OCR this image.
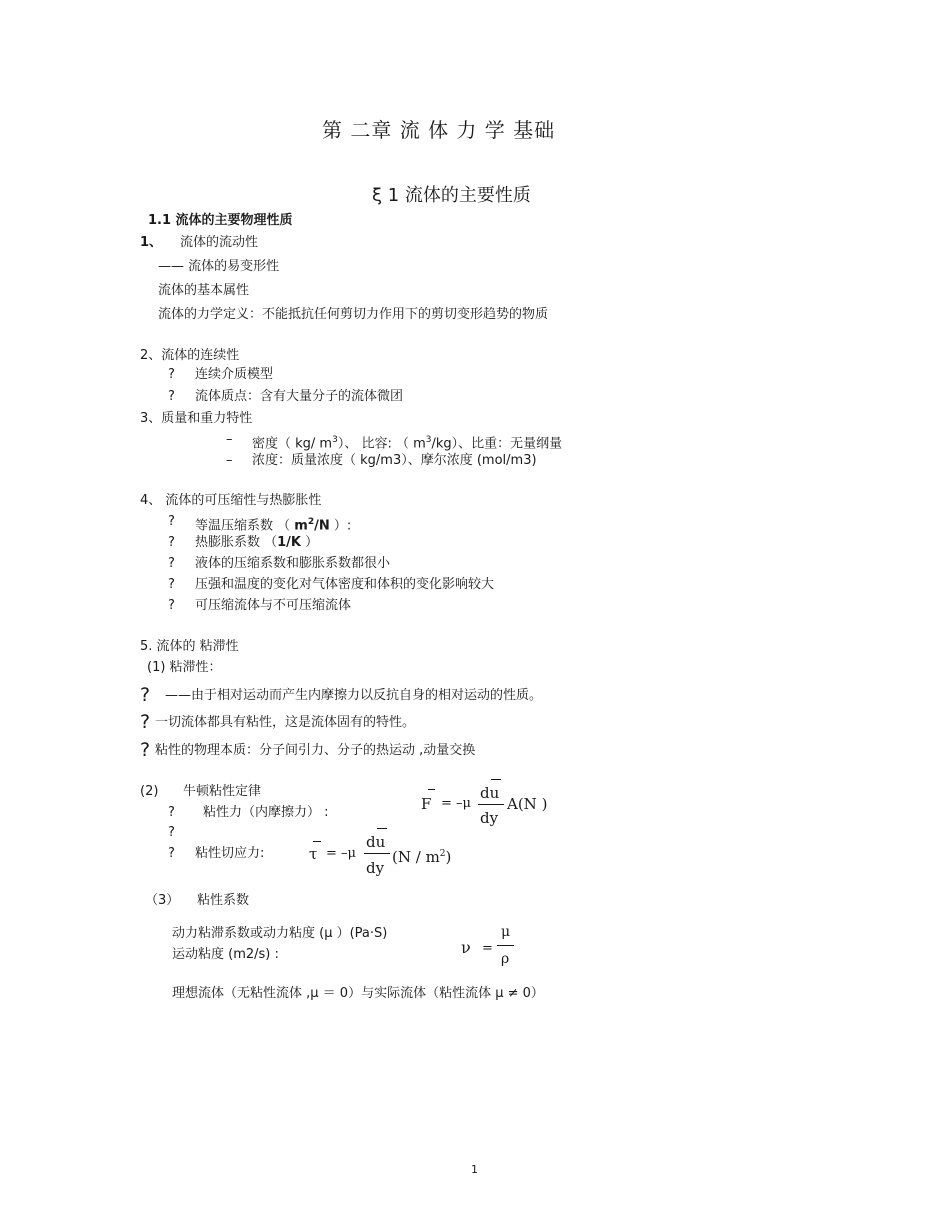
第 二章 流 体 力 学 基础
ξ 1 流体的主要性质
1.1 流体的主要物理性质
1、 流体的流动性
—— 流体的易变形性
流体的基本属性
流体的力学定义：不能抵抗任何剪切力作用下的剪切变形趋势的物质
2、流体的连续性
? 连续介质模型
? 流体质点：含有大量分子的流体微团
3、质量和重力特性
– 密度（ kg/ $m^3$）、 比容: （ $m^3/kg$）、比重：无量纲量
– 浓度：质量浓度（ kg/m3）、摩尔浓度 (mol/m3)
4、 流体的可压缩性与热膨胀性
? 等温压缩系数 （ $m^2/N$ ）:
? 热膨胀系数 （1/K ）
? 液体的压缩系数和膨胀系数都很小
? 压强和温度的变化对气体密度和体积的变化影响较大
? 可压缩流体与不可压缩流体
5. 流体的 粘滞性
(1) 粘滞性：
? ——由于相对运动而产生内摩擦力以反抗自身的相对运动的性质。
? 一切流体都具有粘性，这是流体固有的特性。
? 粘性的物理本质：分子间引力、分子的热运动 ,动量交换
(2) 牛顿粘性定律
? 粘性力（内摩擦力） :
?
? 粘性切应力:
F = –μ
du
dy
A(N )
τ = –μ
du
dy
$(N / m^2)$
（3） 粘性系数
动力粘滞系数或动力粘度 (μ ）(Pa·S)
运动粘度 (m2/s) :	ν =
μ
ρ
理想流体（无粘性流体 ,μ ＝ 0）与实际流体（粘性流体 μ ≠ 0）
1
